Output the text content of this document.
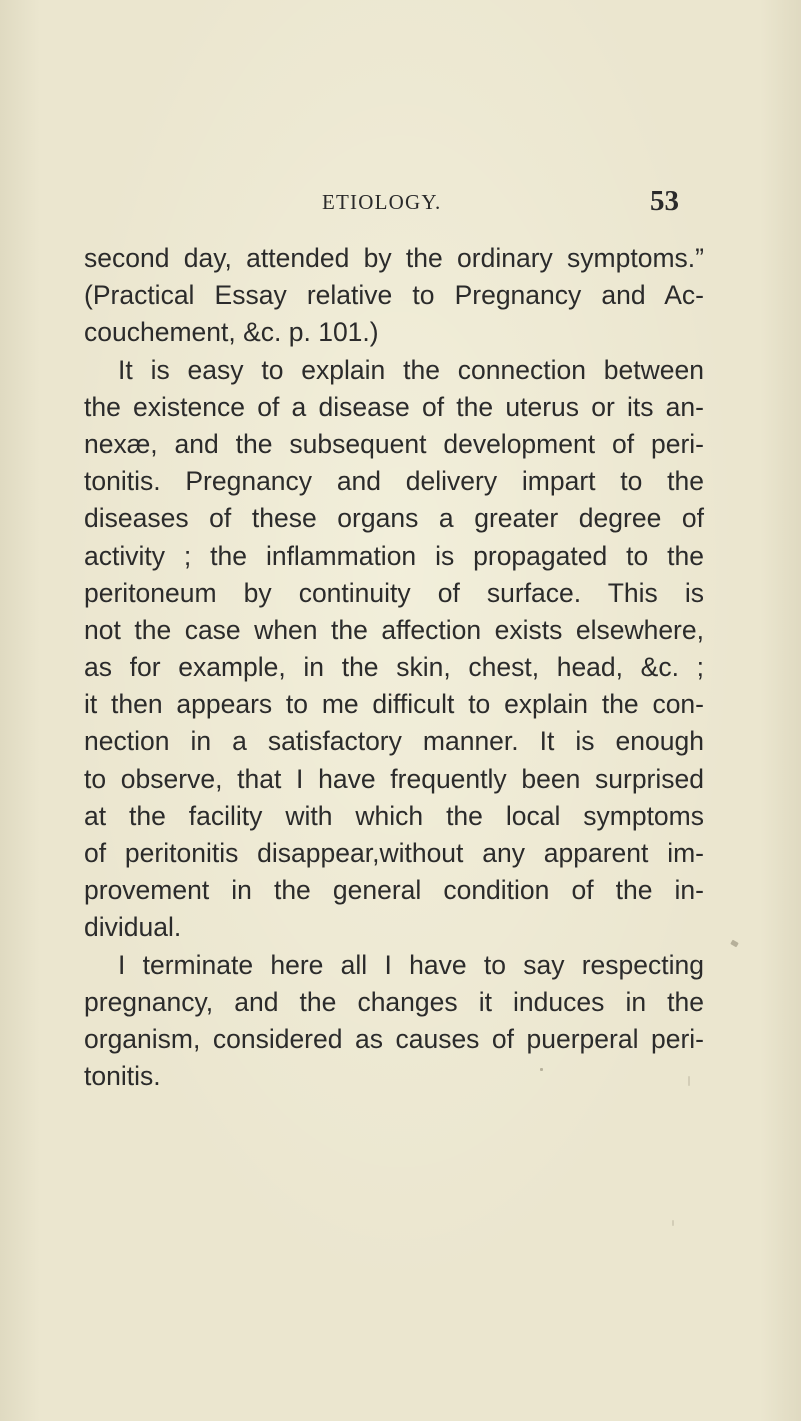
ETIOLOGY.	53
second day, attended by the ordinary symptoms.”
(Practical Essay relative to Pregnancy and Ac-
couchement, &c. p. 101.)
It is easy to explain the connection between
the existence of a disease of the uterus or its an-
nexæ, and the subsequent development of peri-
tonitis. Pregnancy and delivery impart to the
diseases of these organs a greater degree of
activity ; the inflammation is propagated to the
peritoneum by continuity of surface. This is
not the case when the affection exists elsewhere,
as for example, in the skin, chest, head, &c. ;
it then appears to me difficult to explain the con-
nection in a satisfactory manner. It is enough
to observe, that I have frequently been surprised
at the facility with which the local symptoms
of peritonitis disappear,without any apparent im-
provement in the general condition of the in-
dividual.
I terminate here all I have to say respecting
pregnancy, and the changes it induces in the
organism, considered as causes of puerperal peri-
tonitis.
